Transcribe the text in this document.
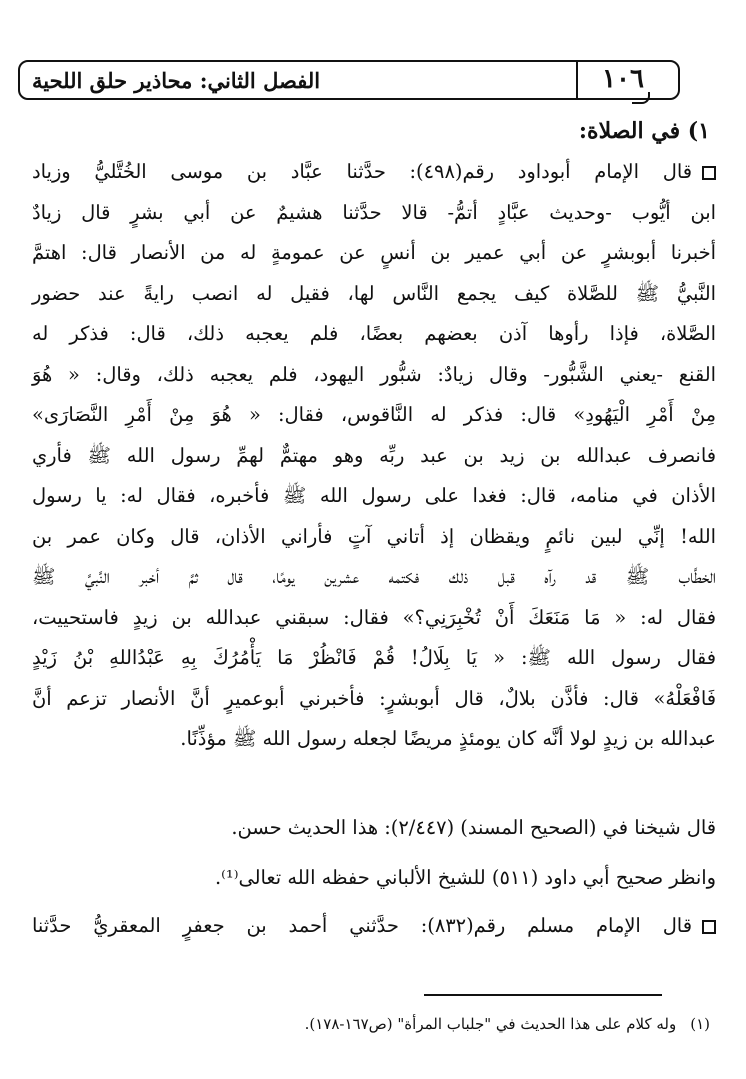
الفصل الثاني: محاذير حلق اللحية	١٠٦
١) في الصلاة:
قال الإمام أبوداود رقم(٤٩٨): حدَّثنا عبَّاد بن موسى الخُتَّليُّ وزياد
ابن أيُّوب -وحديث عبَّادٍ أتمُّ- قالا حدَّثنا هشيمٌ عن أبي بشرٍ قال زيادٌ
أخبرنا أبوبشرٍ عن أبي عمير بن أنسٍ عن عمومةٍ له من الأنصار قال: اهتمَّ
النَّبيُّ ﷺ للصَّلاة كيف يجمع النَّاس لها، فقيل له انصب رايةً عند حضور
الصَّلاة، فإذا رأوها آذن بعضهم بعضًا، فلم يعجبه ذلك، قال: فذكر له
القنع -يعني الشَّبُّور- وقال زيادٌ: شبُّور اليهود، فلم يعجبه ذلك، وقال: « هُوَ
مِنْ أَمْرِ الْيَهُودِ» قال: فذكر له النَّاقوس، فقال: « هُوَ مِنْ أَمْرِ النَّصَارَى»
فانصرف عبدالله بن زيد بن عبد ربِّه وهو مهتمٌّ لهمِّ رسول الله ﷺ فأري
الأذان في منامه، قال: فغدا على رسول الله ﷺ فأخبره، فقال له: يا رسول
الله! إنِّي لبين نائمٍ ويقظان إذ أتاني آتٍ فأراني الأذان، قال وكان عمر بن
الخطَّاب ﷺ قد رآه قبل ذلك فكتمه عشرين يومًا، قال ثمَّ أخبر النَّبيَّ ﷺ
فقال له: « مَا مَنَعَكَ أَنْ تُخْبِرَنِي؟» فقال: سبقني عبدالله بن زيدٍ فاستحييت،
فقال رسول الله ﷺ: « يَا بِلَالُ! قُمْ فَانْظُرْ مَا يَأْمُرُكَ بِهِ عَبْدُاللهِ بْنُ زَيْدٍ
فَافْعَلْهُ» قال: فأذَّن بلالٌ، قال أبوبشرٍ: فأخبرني أبوعميرٍ أنَّ الأنصار تزعم أنَّ
عبدالله بن زيدٍ لولا أنَّه كان يومئذٍ مريضًا لجعله رسول الله ﷺ مؤذِّنًا.
قال شيخنا في (الصحيح المسند) (٢/٤٤٧): هذا الحديث حسن.
وانظر صحيح أبي داود (٥١١) للشيخ الألباني حفظه الله تعالى⁽¹⁾.
قال الإمام مسلم رقم(٨٣٢): حدَّثني أحمد بن جعفرٍ المعقريُّ حدَّثنا
(١)وله كلام على هذا الحديث في "جلباب المرأة" (ص١٦٧-١٧٨).
